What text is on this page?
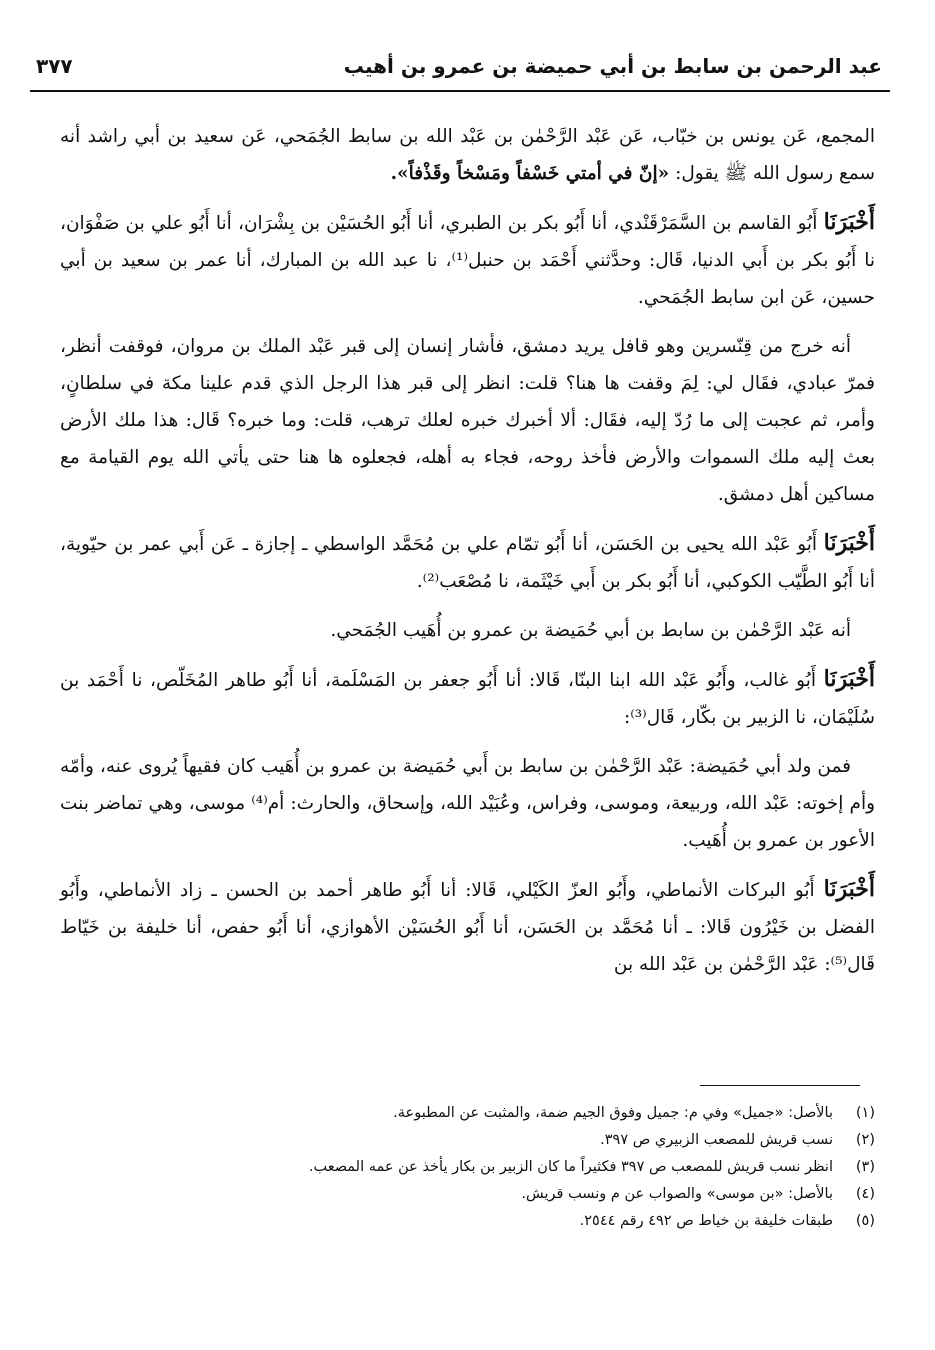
عبد الرحمن بن سابط بن أبي حميضة بن عمرو بن أهيب
٣٧٧

المجمع، عَن يونس بن خبّاب، عَن عَبْد الرَّحْمٰن بن عَبْد الله بن سابط الجُمَحي، عَن سعيد بن أبي راشد أنه سمع رسول الله ﷺ يقول: «إنّ في أمتي خَسْفاً ومَسْخاً وقَذْفاً».

أَخْبَرَنَا أَبُو القاسم بن السَّمَرْقَنْدي، أنا أَبُو بكر بن الطبري، أنا أَبُو الحُسَيْن بن بِشْرَان، أنا أَبُو علي بن صَفْوَان، نا أَبُو بكر بن أَبي الدنيا، قَال: وحدَّثني أَحْمَد بن حنبل⁽¹⁾، نا عبد الله بن المبارك، أنا عمر بن سعيد بن أبي حسين، عَن ابن سابط الجُمَحي.

أنه خرج من قِنّسرين وهو قافل يريد دمشق، فأشار إنسان إلى قبر عَبْد الملك بن مروان، فوقفت أنظر، فمرّ عبادي، فقَال لي: لِمَ وقفت ها هنا؟ قلت: انظر إلى قبر هذا الرجل الذي قدم علينا مكة في سلطانٍ، وأمر، ثم عجبت إلى ما رُدّ إليه، فقَال: ألا أخبرك خبره لعلك ترهب، قلت: وما خبره؟ قَال: هذا ملك الأرض بعث إليه ملك السموات والأرض فأخذ روحه، فجاء به أهله، فجعلوه ها هنا حتى يأتي الله يوم القيامة مع مساكين أهل دمشق.

أَخْبَرَنَا أَبُو عَبْد الله يحيى بن الحَسَن، أنا أَبُو تمّام علي بن مُحَمَّد الواسطي ـ إجازة ـ عَن أَبي عمر بن حيّوية، أنا أَبُو الطَّيّب الكوكبي، أنا أَبُو بكر بن أَبي خَيْثَمة، نا مُصْعَب⁽²⁾.

أنه عَبْد الرَّحْمٰن بن سابط بن أبي حُمَيضة بن عمرو بن أُهَيب الجُمَحي.

أَخْبَرَنَا أَبُو غالب، وأَبُو عَبْد الله ابنا البنّا، قَالا: أنا أَبُو جعفر بن المَسْلَمة، أنا أَبُو طاهر المُخَلّص، نا أَحْمَد بن سُلَيْمَان، نا الزبير بن بكّار، قَال⁽³⁾:

فمن ولد أبي حُمَيضة: عَبْد الرَّحْمٰن بن سابط بن أَبي حُمَيضة بن عمرو بن أُهَيب كان فقيهاً يُروى عنه، وأمّه وأم إخوته: عَبْد الله، وربيعة، وموسى، وفراس، وعُبَيْد الله، وإسحاق، والحارث: أم⁽⁴⁾ موسى، وهي تماضر بنت الأعور بن عمرو بن أُهَيب.

أَخْبَرَنَا أَبُو البركات الأنماطي، وأَبُو العزّ الكَيْلي، قَالا: أنا أَبُو طاهر أحمد بن الحسن ـ زاد الأنماطي، وأَبُو الفضل بن خَيْرُون قَالا: ـ أنا مُحَمَّد بن الحَسَن، أنا أَبُو الحُسَيْن الأهوازي، أنا أَبُو حفص، أنا خليفة بن خَيّاط قَال⁽⁵⁾: عَبْد الرَّحْمٰن بن عَبْد الله بن

(١)
بالأصل: «جميل» وفي م: جميل وفوق الجيم ضمة، والمثبت عن المطبوعة.
(٢)
نسب قريش للمصعب الزبيري ص ٣٩٧.
(٣)
انظر نسب قريش للمصعب ص ٣٩٧ فكثيراً ما كان الزبير بن بكار يأخذ عن عمه المصعب.
(٤)
بالأصل: «بن موسى» والصواب عن م ونسب قريش.
(٥)
طبقات خليفة بن خياط ص ٤٩٢ رقم ٢٥٤٤.
